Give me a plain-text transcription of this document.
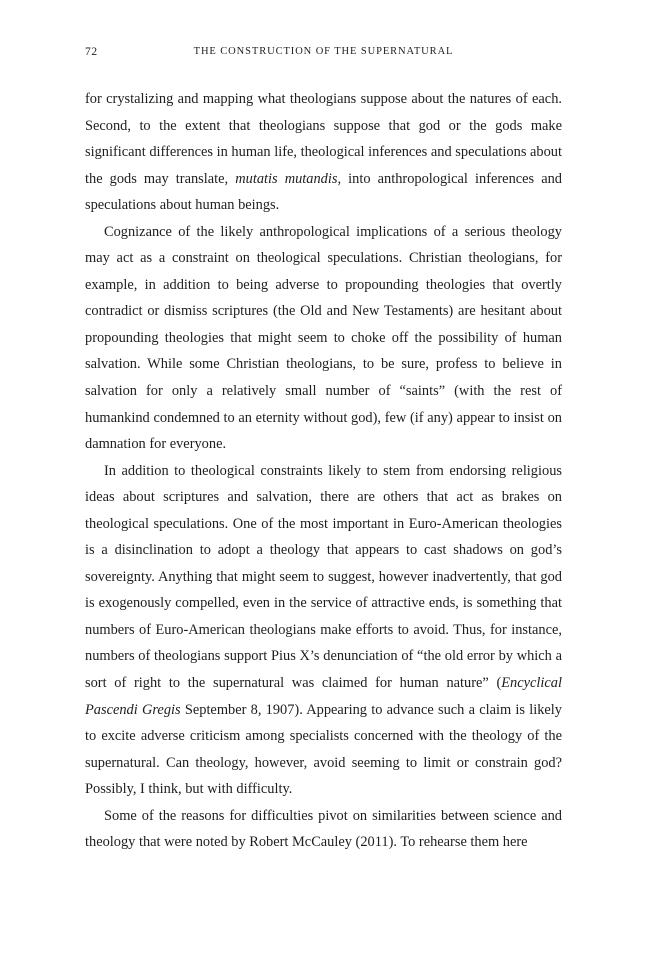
72	THE CONSTRUCTION OF THE SUPERNATURAL

for crystalizing and mapping what theologians suppose about the natures of each. Second, to the extent that theologians suppose that god or the gods make significant differences in human life, theological inferences and speculations about the gods may translate, mutatis mutandis, into anthropological inferences and speculations about human beings.

Cognizance of the likely anthropological implications of a serious theology may act as a constraint on theological speculations. Christian theologians, for example, in addition to being adverse to propounding theologies that overtly contradict or dismiss scriptures (the Old and New Testaments) are hesitant about propounding theologies that might seem to choke off the possibility of human salvation. While some Christian theologians, to be sure, profess to believe in salvation for only a relatively small number of “saints” (with the rest of humankind condemned to an eternity without god), few (if any) appear to insist on damnation for everyone.

In addition to theological constraints likely to stem from endorsing religious ideas about scriptures and salvation, there are others that act as brakes on theological speculations. One of the most important in Euro-American theologies is a disinclination to adopt a theology that appears to cast shadows on god’s sovereignty. Anything that might seem to suggest, however inadvertently, that god is exogenously compelled, even in the service of attractive ends, is something that numbers of Euro-American theologians make efforts to avoid. Thus, for instance, numbers of theologians support Pius X’s denunciation of “the old error by which a sort of right to the supernatural was claimed for human nature” (Encyclical Pascendi Gregis September 8, 1907). Appearing to advance such a claim is likely to excite adverse criticism among specialists concerned with the theology of the supernatural. Can theology, however, avoid seeming to limit or constrain god? Possibly, I think, but with difficulty.

Some of the reasons for difficulties pivot on similarities between science and theology that were noted by Robert McCauley (2011). To rehearse them here
